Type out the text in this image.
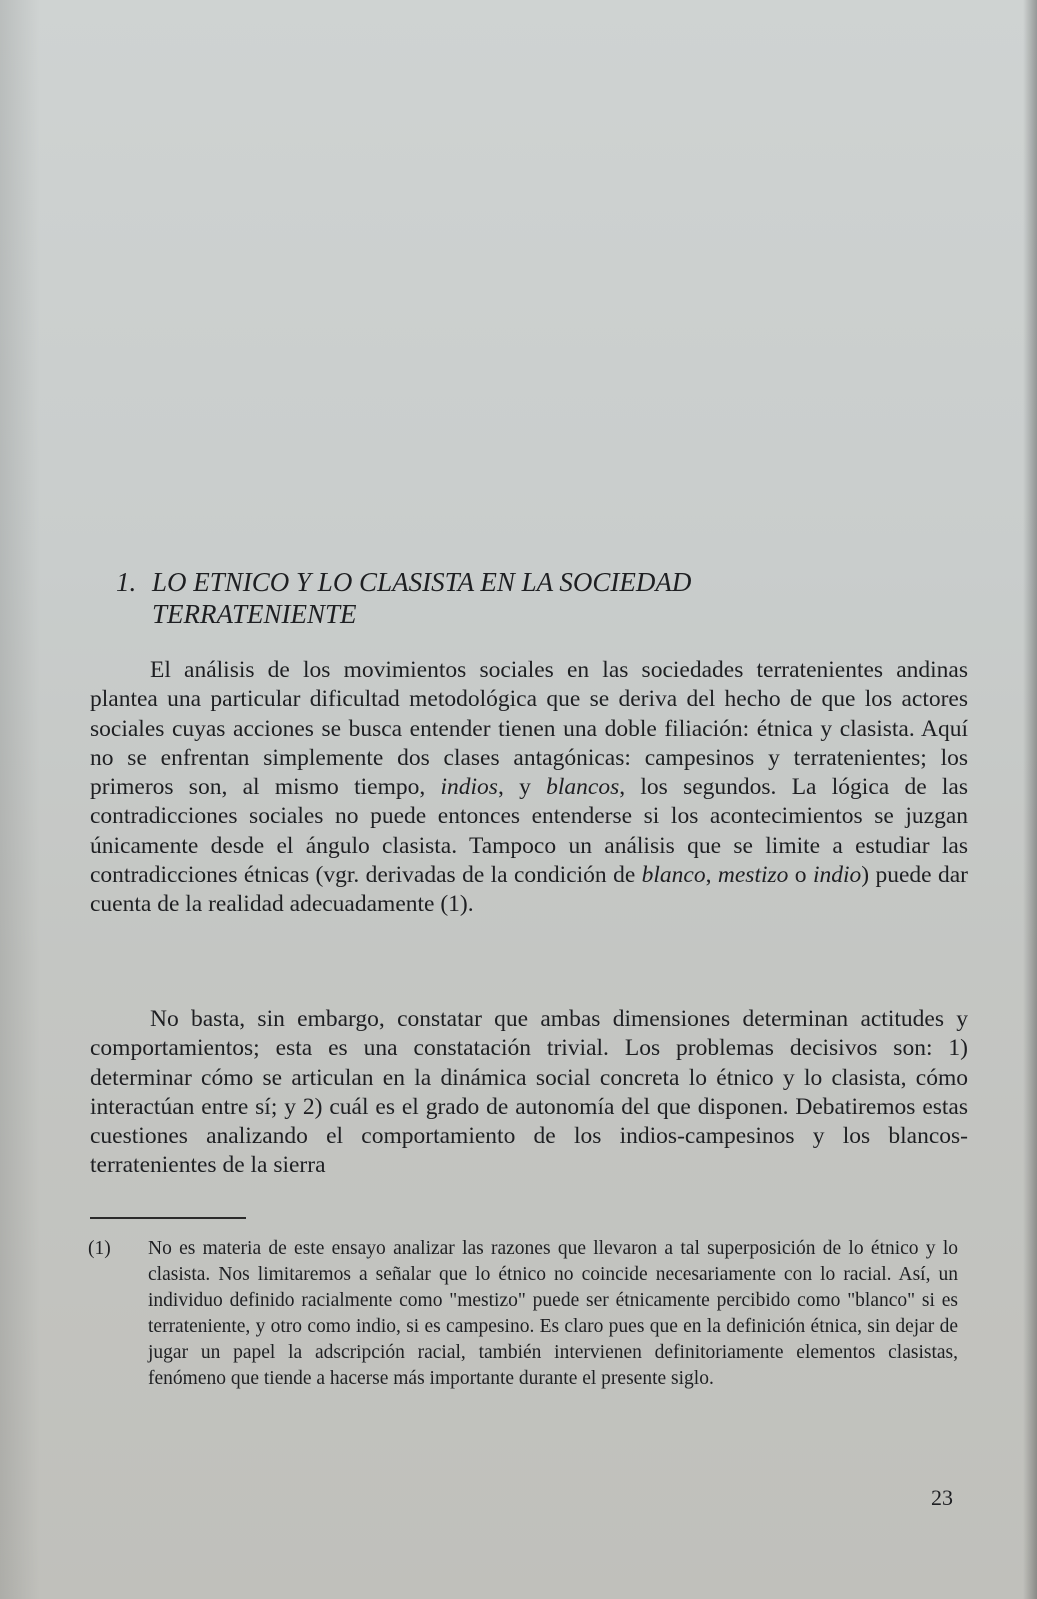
1. LO ETNICO Y LO CLASISTA EN LA SOCIEDAD TERRATENIENTE

El análisis de los movimientos sociales en las sociedades terratenientes andinas plantea una particular dificultad metodológica que se deriva del hecho de que los actores sociales cuyas acciones se busca entender tienen una doble filiación: étnica y clasista. Aquí no se enfrentan simplemente dos clases antagónicas: campesinos y terratenientes; los primeros son, al mismo tiempo, indios, y blancos, los segundos. La lógica de las contradicciones sociales no puede entonces entenderse si los acontecimientos se juzgan únicamente desde el ángulo clasista. Tampoco un análisis que se limite a estudiar las contradicciones étnicas (vgr. derivadas de la condición de blanco, mestizo o indio) puede dar cuenta de la realidad adecuadamente (1).

No basta, sin embargo, constatar que ambas dimensiones determinan actitudes y comportamientos; esta es una constatación trivial. Los problemas decisivos son: 1) determinar cómo se articulan en la dinámica social concreta lo étnico y lo clasista, cómo interactúan entre sí; y 2) cuál es el grado de autonomía del que disponen. Debatiremos estas cuestiones analizando el comportamiento de los indios-campesinos y los blancos-terratenientes de la sierra

(1) No es materia de este ensayo analizar las razones que llevaron a tal superposición de lo étnico y lo clasista. Nos limitaremos a señalar que lo étnico no coincide necesariamente con lo racial. Así, un individuo definido racialmente como "mestizo" puede ser étnicamente percibido como "blanco" si es terrateniente, y otro como indio, si es campesino. Es claro pues que en la definición étnica, sin dejar de jugar un papel la adscripción racial, también intervienen definitoriamente elementos clasistas, fenómeno que tiende a hacerse más importante durante el presente siglo.
23
